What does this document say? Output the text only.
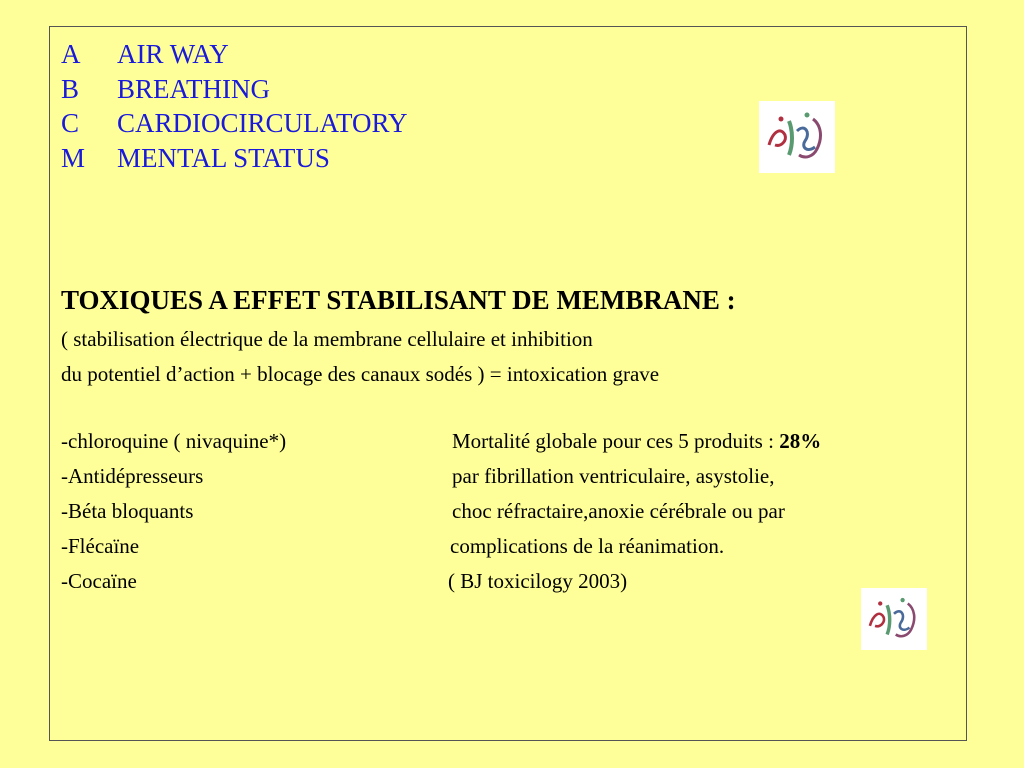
A	AIR WAY
B	BREATHING
C	CARDIOCIRCULATORY
M	MENTAL STATUS
TOXIQUES A EFFET STABILISANT DE MEMBRANE :
( stabilisation électrique de la membrane cellulaire et inhibition
du potentiel d’action + blocage des canaux sodés ) = intoxication grave
-chloroquine ( nivaquine*)
-Antidépresseurs
-Béta bloquants
-Flécaïne
-Cocaïne
Mortalité globale pour ces 5 produits : 28%
par fibrillation ventriculaire, asystolie,
choc réfractaire,anoxie cérébrale ou par
complications de la réanimation.
( BJ toxicilogy 2003)
